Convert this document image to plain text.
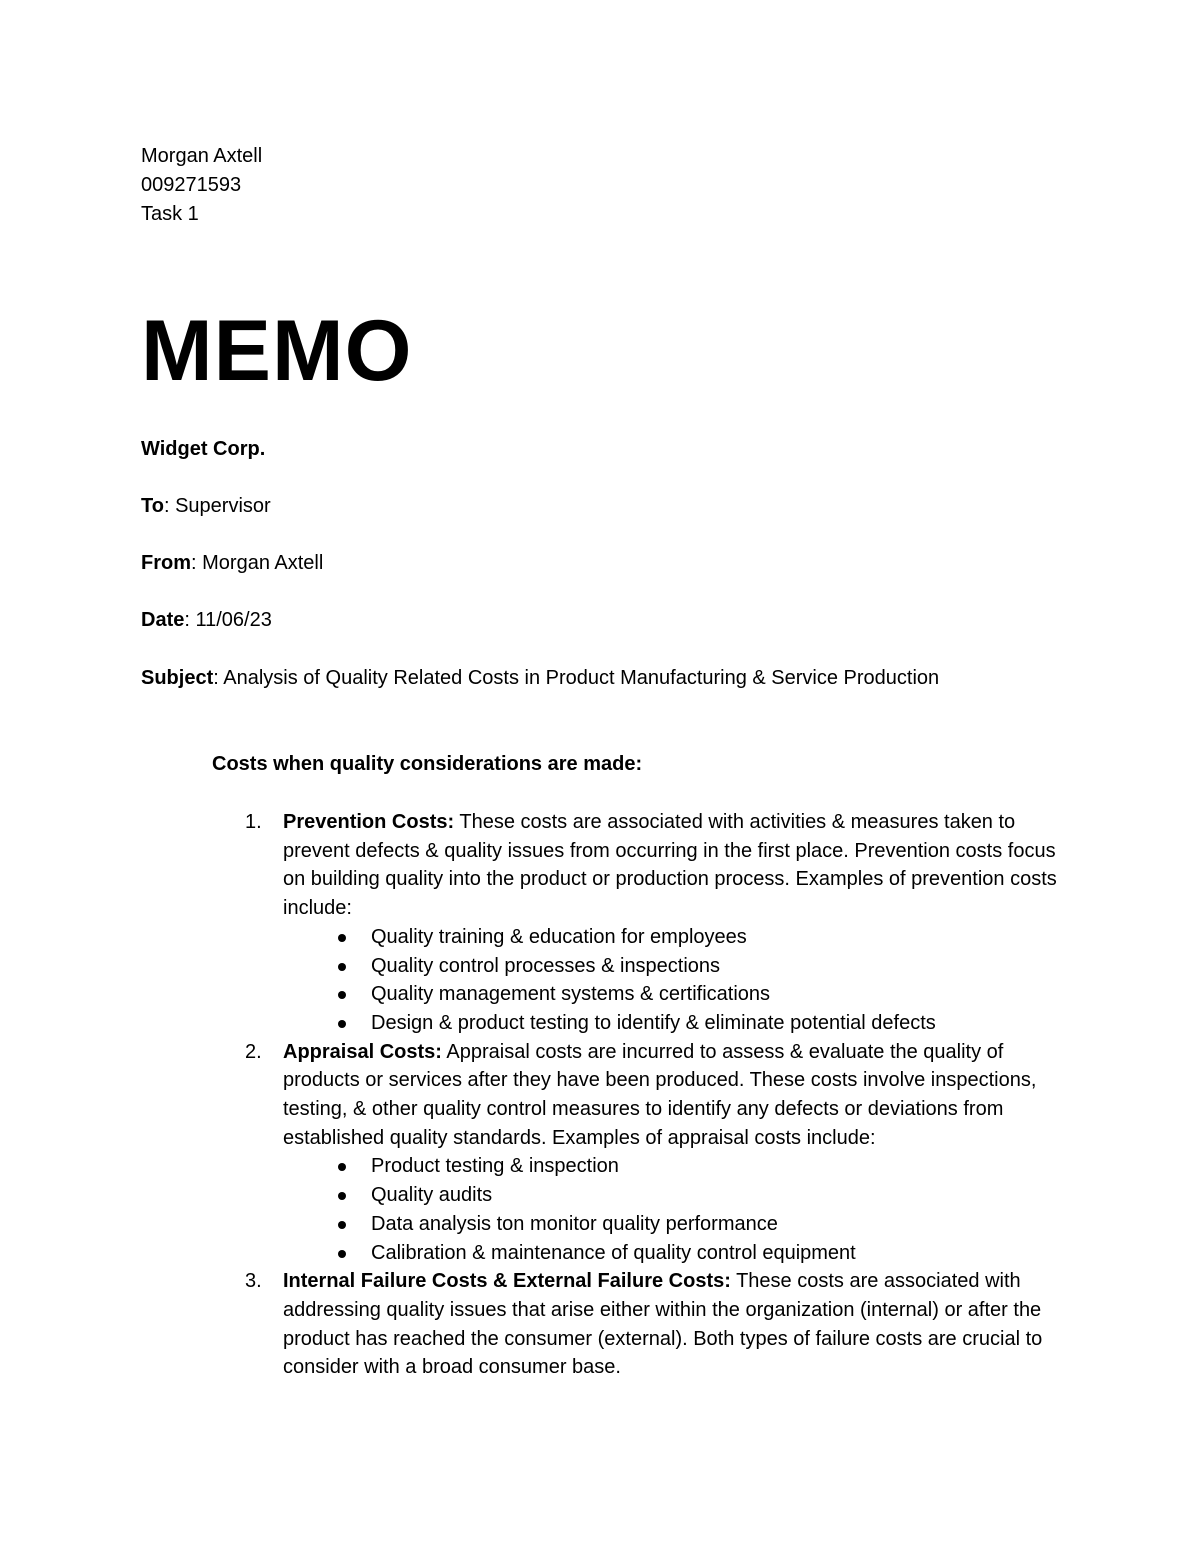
Morgan Axtell
009271593
Task 1
MEMO
Widget Corp.
To: Supervisor
From: Morgan Axtell
Date: 11/06/23
Subject: Analysis of Quality Related Costs in Product Manufacturing & Service Production
Costs when quality considerations are made:
1.	Prevention Costs: These costs are associated with activities & measures taken to prevent defects & quality issues from occurring in the first place. Prevention costs focus on building quality into the product or production process. Examples of prevention costs include:
Quality training & education for employees
Quality control processes & inspections
Quality management systems & certifications
Design & product testing to identify & eliminate potential defects
2.	Appraisal Costs: Appraisal costs are incurred to assess & evaluate the quality of products or services after they have been produced. These costs involve inspections, testing, & other quality control measures to identify any defects or deviations from established quality standards. Examples of appraisal costs include:
Product testing & inspection
Quality audits
Data analysis ton monitor quality performance
Calibration & maintenance of quality control equipment
3.	Internal Failure Costs & External Failure Costs: These costs are associated with addressing quality issues that arise either within the organization (internal) or after the product has reached the consumer (external). Both types of failure costs are crucial to consider with a broad consumer base.
